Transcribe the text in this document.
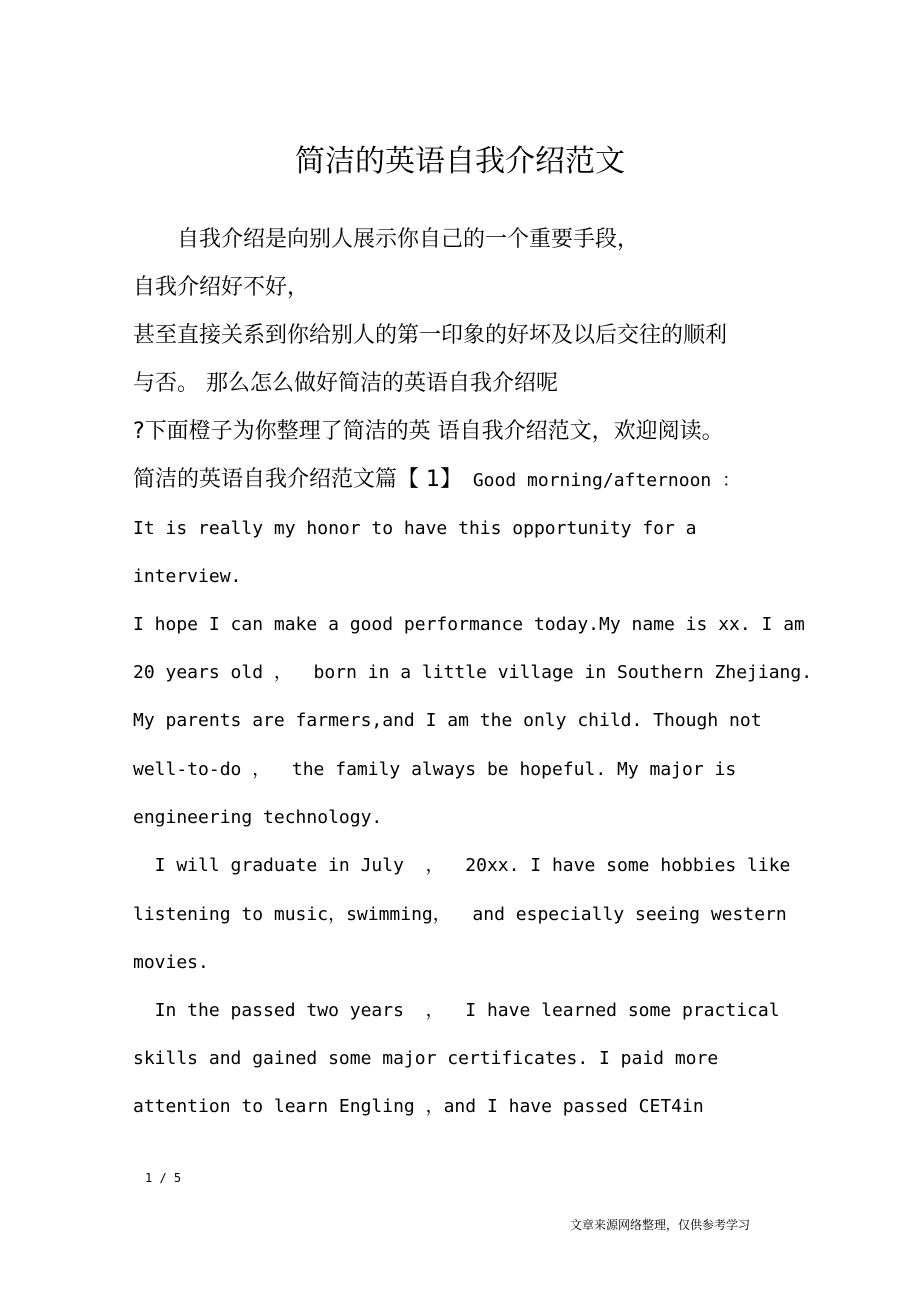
简洁的英语自我介绍范文
自我介绍是向别人展示你自己的一个重要手段，
自我介绍好不好，
甚至直接关系到你给别人的第一印象的好坏及以后交往的顺利
与否。 那么怎么做好简洁的英语自我介绍呢
?下面橙子为你整理了简洁的英 语自我介绍范文，欢迎阅读。
简洁的英语自我介绍范文篇【 1】 Good morning/afternoon ：
It is really my honor to have this opportunity for a
interview.
I hope I can make a good performance today.My name is xx. I am
20 years old ，  born in a little village in Southern Zhejiang.
My parents are farmers,and I am the only child. Though not
well-to-do ，  the family always be hopeful. My major is
engineering technology.
I will graduate in July  ，  20xx. I have some hobbies like
listening to music，swimming，  and especially seeing western
movies.
In the passed two years  ，  I have learned some practical
skills and gained some major certificates. I paid more
attention to learn Engling ，and I have passed CET4in
1 / 5
文章来源网络整理，仅供参考学习
